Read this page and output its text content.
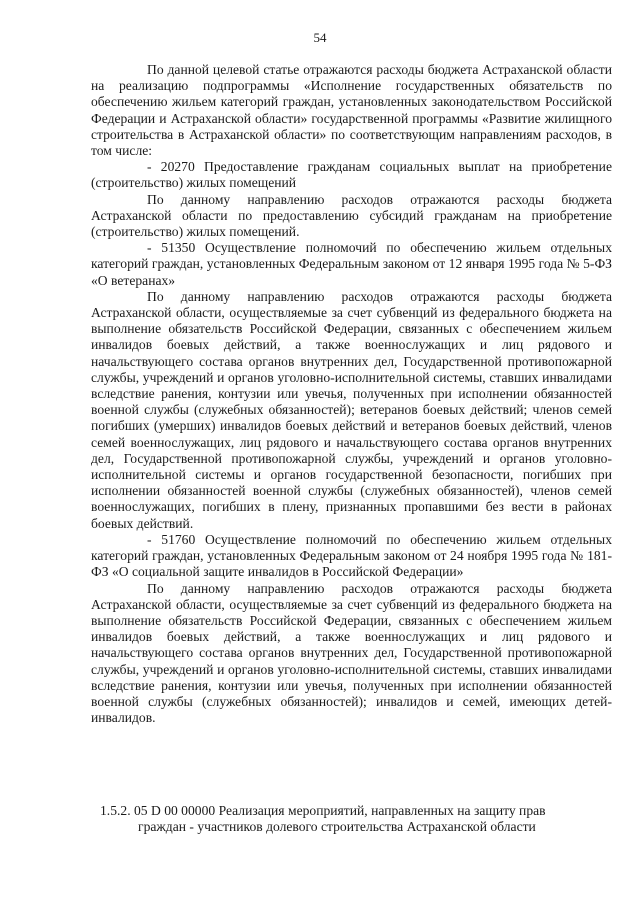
54

По данной целевой статье отражаются расходы бюджета Астраханской области на реализацию подпрограммы «Исполнение государственных обязательств по обеспечению жильем категорий граждан, установленных законодательством Российской Федерации и Астраханской области» государственной программы «Развитие жилищного строительства в Астраханской области» по соответствующим направлениям расходов, в том числе:

- 20270 Предоставление гражданам социальных выплат на приобретение (строительство) жилых помещений

По данному направлению расходов отражаются расходы бюджета Астраханской области по предоставлению субсидий гражданам на приобретение (строительство) жилых помещений.

- 51350 Осуществление полномочий по обеспечению жильем отдельных категорий граждан, установленных Федеральным законом от 12 января 1995 года № 5-ФЗ «О ветеранах»

По данному направлению расходов отражаются расходы бюджета Астраханской области, осуществляемые за счет субвенций из федерального бюджета на выполнение обязательств Российской Федерации, связанных с обеспечением жильем инвалидов боевых действий, а также военнослужащих и лиц рядового и начальствующего состава органов внутренних дел, Государственной противопожарной службы, учреждений и органов уголовно-исполнительной системы, ставших инвалидами вследствие ранения, контузии или увечья, полученных при исполнении обязанностей военной службы (служебных обязанностей); ветеранов боевых действий; членов семей погибших (умерших) инвалидов боевых действий и ветеранов боевых действий, членов семей военнослужащих, лиц рядового и начальствующего состава органов внутренних дел, Государственной противопожарной службы, учреждений и органов уголовно-исполнительной системы и органов государственной безопасности, погибших при исполнении обязанностей военной службы (служебных обязанностей), членов семей военнослужащих, погибших в плену, признанных пропавшими без вести в районах боевых действий.

- 51760 Осуществление полномочий по обеспечению жильем отдельных категорий граждан, установленных Федеральным законом от 24 ноября 1995 года № 181-ФЗ «О социальной защите инвалидов в Российской Федерации»

По данному направлению расходов отражаются расходы бюджета Астраханской области, осуществляемые за счет субвенций из федерального бюджета на выполнение обязательств Российской Федерации, связанных с обеспечением жильем инвалидов боевых действий, а также военнослужащих и лиц рядового и начальствующего состава органов внутренних дел, Государственной противопожарной службы, учреждений и органов уголовно-исполнительной системы, ставших инвалидами вследствие ранения, контузии или увечья, полученных при исполнении обязанностей военной службы (служебных обязанностей); инвалидов и семей, имеющих детей-инвалидов.

1.5.2. 05 D 00 00000 Реализация мероприятий, направленных на защиту прав
граждан - участников долевого строительства Астраханской области
